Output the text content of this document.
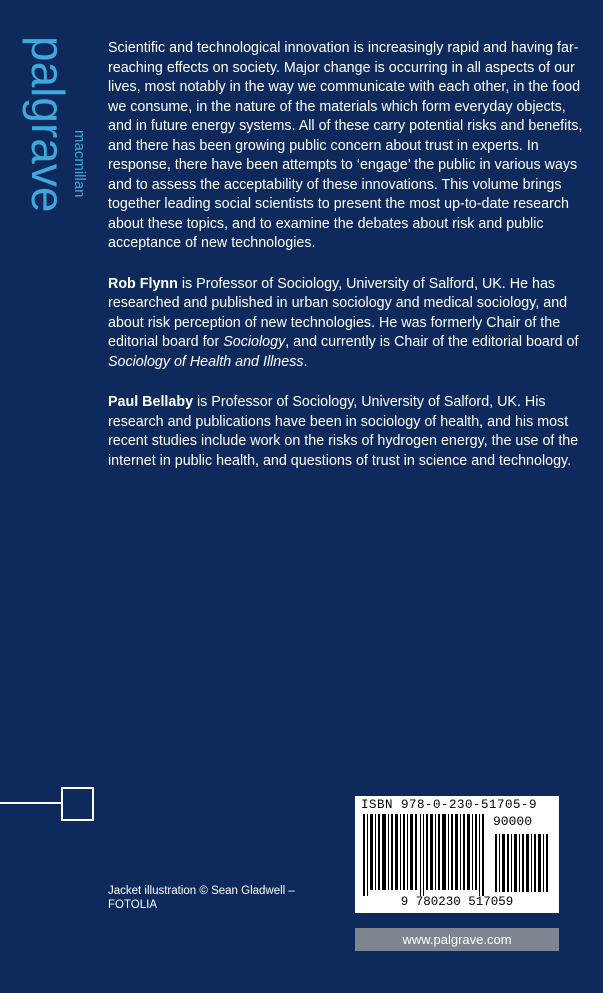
palgrave
macmillan

Scientific and technological innovation is increasingly rapid and having far-reaching effects on society. Major change is occurring in all aspects of our lives, most notably in the way we communicate with each other, in the food we consume, in the nature of the materials which form everyday objects, and in future energy systems. All of these carry potential risks and benefits, and there has been growing public concern about trust in experts. In response, there have been attempts to ‘engage’ the public in various ways and to assess the acceptability of these innovations. This volume brings together leading social scientists to present the most up-to-date research about these topics, and to examine the debates about risk and public acceptance of new technologies.

Rob Flynn is Professor of Sociology, University of Salford, UK. He has researched and published in urban sociology and medical sociology, and about risk perception of new technologies. He was formerly Chair of the editorial board for Sociology, and currently is Chair of the editorial board of Sociology of Health and Illness.

Paul Bellaby is Professor of Sociology, University of Salford, UK. His research and publications have been in sociology of health, and his most recent studies include work on the risks of hydrogen energy, the use of the internet in public health, and questions of trust in science and technology.

Jacket illustration © Sean Gladwell – FOTOLIA
ISBN 978-0-230-51705-9
90000
9 780230 517059
www.palgrave.com
